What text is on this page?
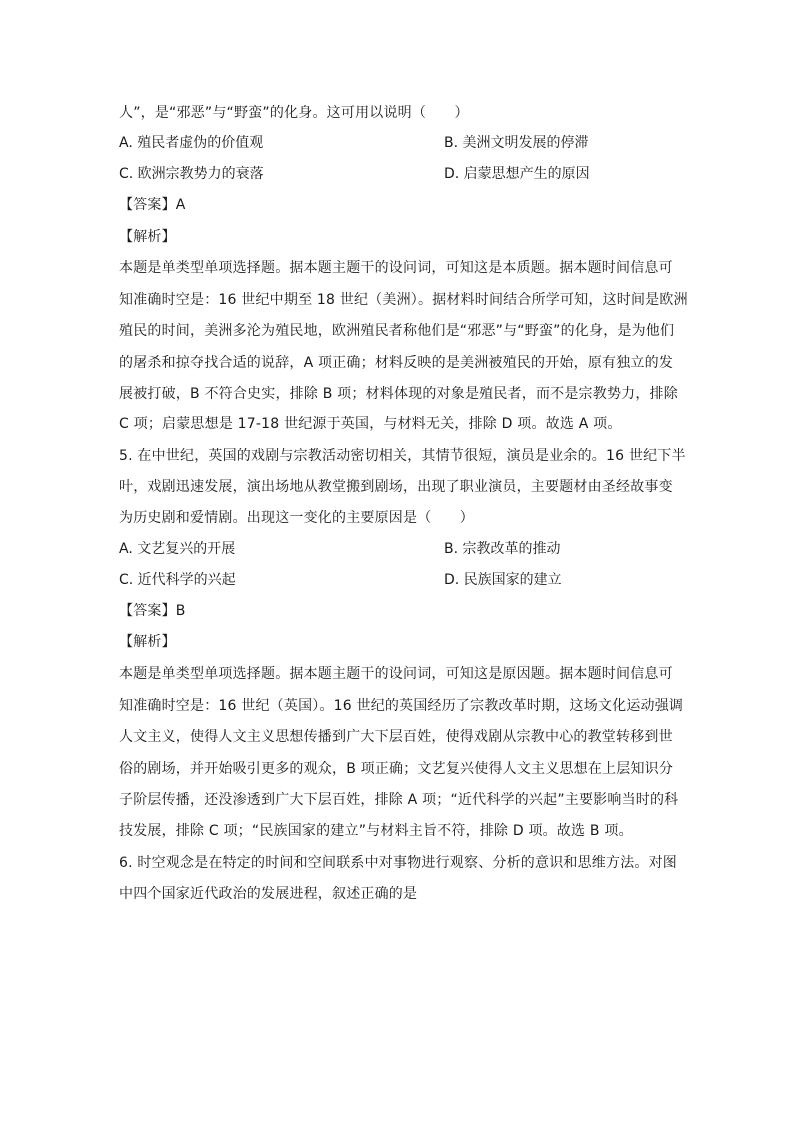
人”，是“邪恶”与“野蛮”的化身。这可用以说明（　　）
A. 殖民者虚伪的价值观	B. 美洲文明发展的停滞
C. 欧洲宗教势力的衰落	D. 启蒙思想产生的原因
【答案】A
【解析】
本题是单类型单项选择题。据本题主题干的设问词，可知这是本质题。据本题时间信息可
知准确时空是：16 世纪中期至 18 世纪（美洲）。据材料时间结合所学可知，这时间是欧洲
殖民的时间，美洲多沦为殖民地，欧洲殖民者称他们是“邪恶”与“野蛮”的化身，是为他们
的屠杀和掠夺找合适的说辞，A 项正确；材料反映的是美洲被殖民的开始，原有独立的发
展被打破，B 不符合史实，排除 B 项；材料体现的对象是殖民者，而不是宗教势力，排除
C 项；启蒙思想是 17-18 世纪源于英国，与材料无关，排除 D 项。故选 A 项。
5. 在中世纪，英国的戏剧与宗教活动密切相关，其情节很短，演员是业余的。16 世纪下半
叶，戏剧迅速发展，演出场地从教堂搬到剧场，出现了职业演员，主要题材由圣经故事变
为历史剧和爱情剧。出现这一变化的主要原因是（　　）
A. 文艺复兴的开展	B. 宗教改革的推动
C. 近代科学的兴起	D. 民族国家的建立
【答案】B
【解析】
本题是单类型单项选择题。据本题主题干的设问词，可知这是原因题。据本题时间信息可
知准确时空是：16 世纪（英国）。16 世纪的英国经历了宗教改革时期，这场文化运动强调
人文主义，使得人文主义思想传播到广大下层百姓，使得戏剧从宗教中心的教堂转移到世
俗的剧场，并开始吸引更多的观众，B 项正确；文艺复兴使得人文主义思想在上层知识分
子阶层传播，还没渗透到广大下层百姓，排除 A 项；“近代科学的兴起”主要影响当时的科
技发展，排除 C 项；“民族国家的建立”与材料主旨不符，排除 D 项。故选 B 项。
6. 时空观念是在特定的时间和空间联系中对事物进行观察、分析的意识和思维方法。对图
中四个国家近代政治的发展进程，叙述正确的是
